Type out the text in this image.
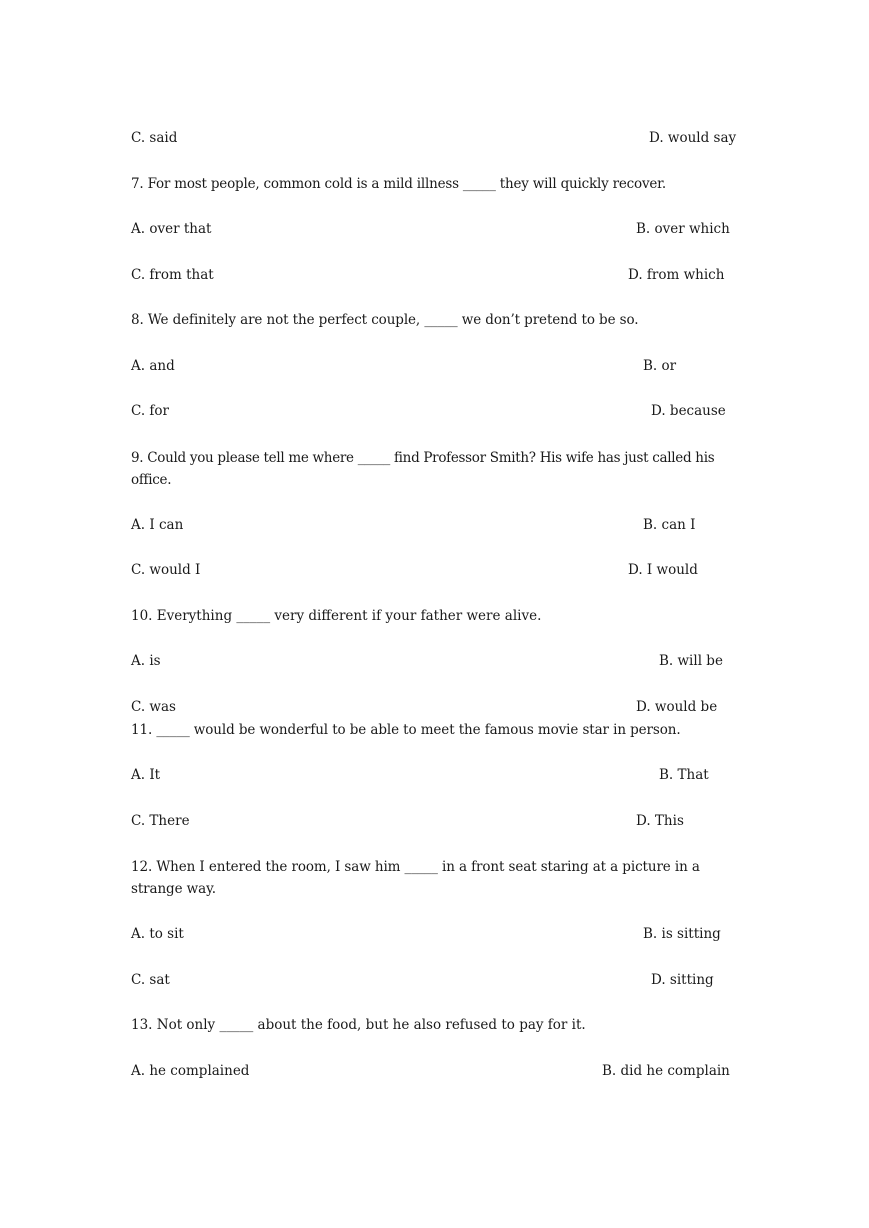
C. said	D. would say
7. For most people, common cold is a mild illness _____ they will quickly recover.
A. over that	B. over which
C. from that	D. from which
8. We definitely are not the perfect couple, _____ we don’t pretend to be so.
A. and	B. or
C. for	D. because
9. Could you please tell me where _____ find Professor Smith? His wife has just called his office.
A. I can	B. can I
C. would I	D. I would
10. Everything _____ very different if your father were alive.
A. is	B. will be
C. was	D. would be
11. _____ would be wonderful to be able to meet the famous movie star in person.
A. It	B. That
C. There	D. This
12. When I entered the room, I saw him _____ in a front seat staring at a picture in a strange way.
A. to sit	B. is sitting
C. sat	D. sitting
13. Not only _____ about the food, but he also refused to pay for it.
A. he complained	B. did he complain
